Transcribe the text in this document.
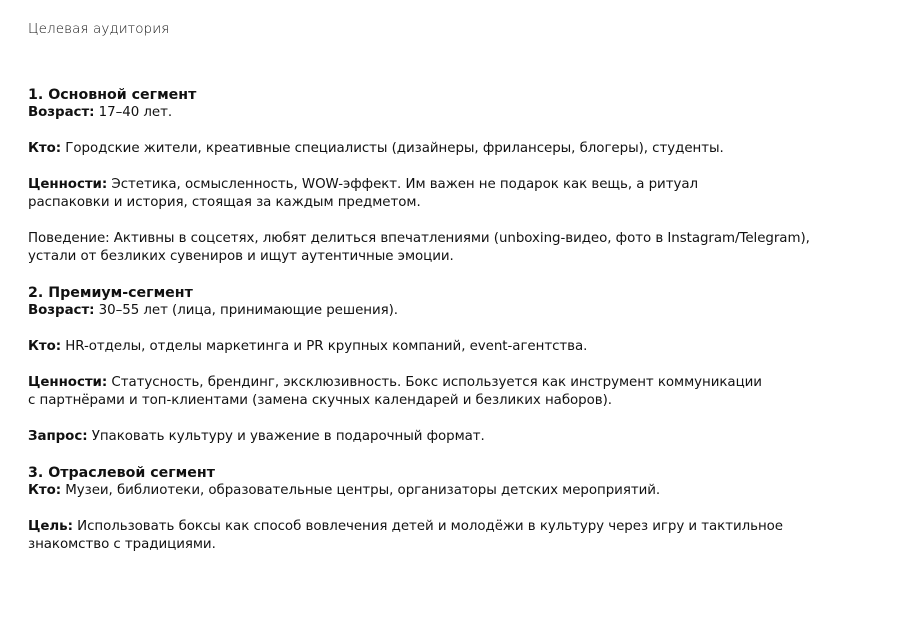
Целевая аудитория

1. Основной сегмент

Возраст: 17–40 лет.

Кто: Городские жители, креативные специалисты (дизайнеры, фрилансеры, блогеры), студенты.

Ценности: Эстетика, осмысленность, WOW-эффект. Им важен не подарок как вещь, а ритуал

распаковки и история, стоящая за каждым предметом.

Поведение: Активны в соцсетях, любят делиться впечатлениями (unboxing-видео, фото в Instagram/Telegram),

устали от безликих сувениров и ищут аутентичные эмоции.

2. Премиум-сегмент

Возраст: 30–55 лет (лица, принимающие решения).

Кто: HR-отделы, отделы маркетинга и PR крупных компаний, event-агентства.

Ценности: Статусность, брендинг, эксклюзивность. Бокс используется как инструмент коммуникации

с партнёрами и топ-клиентами (замена скучных календарей и безликих наборов).

Запрос: Упаковать культуру и уважение в подарочный формат.

3. Отраслевой сегмент

Кто: Музеи, библиотеки, образовательные центры, организаторы детских мероприятий.

Цель: Использовать боксы как способ вовлечения детей и молодёжи в культуру через игру и тактильное

знакомство с традициями.
